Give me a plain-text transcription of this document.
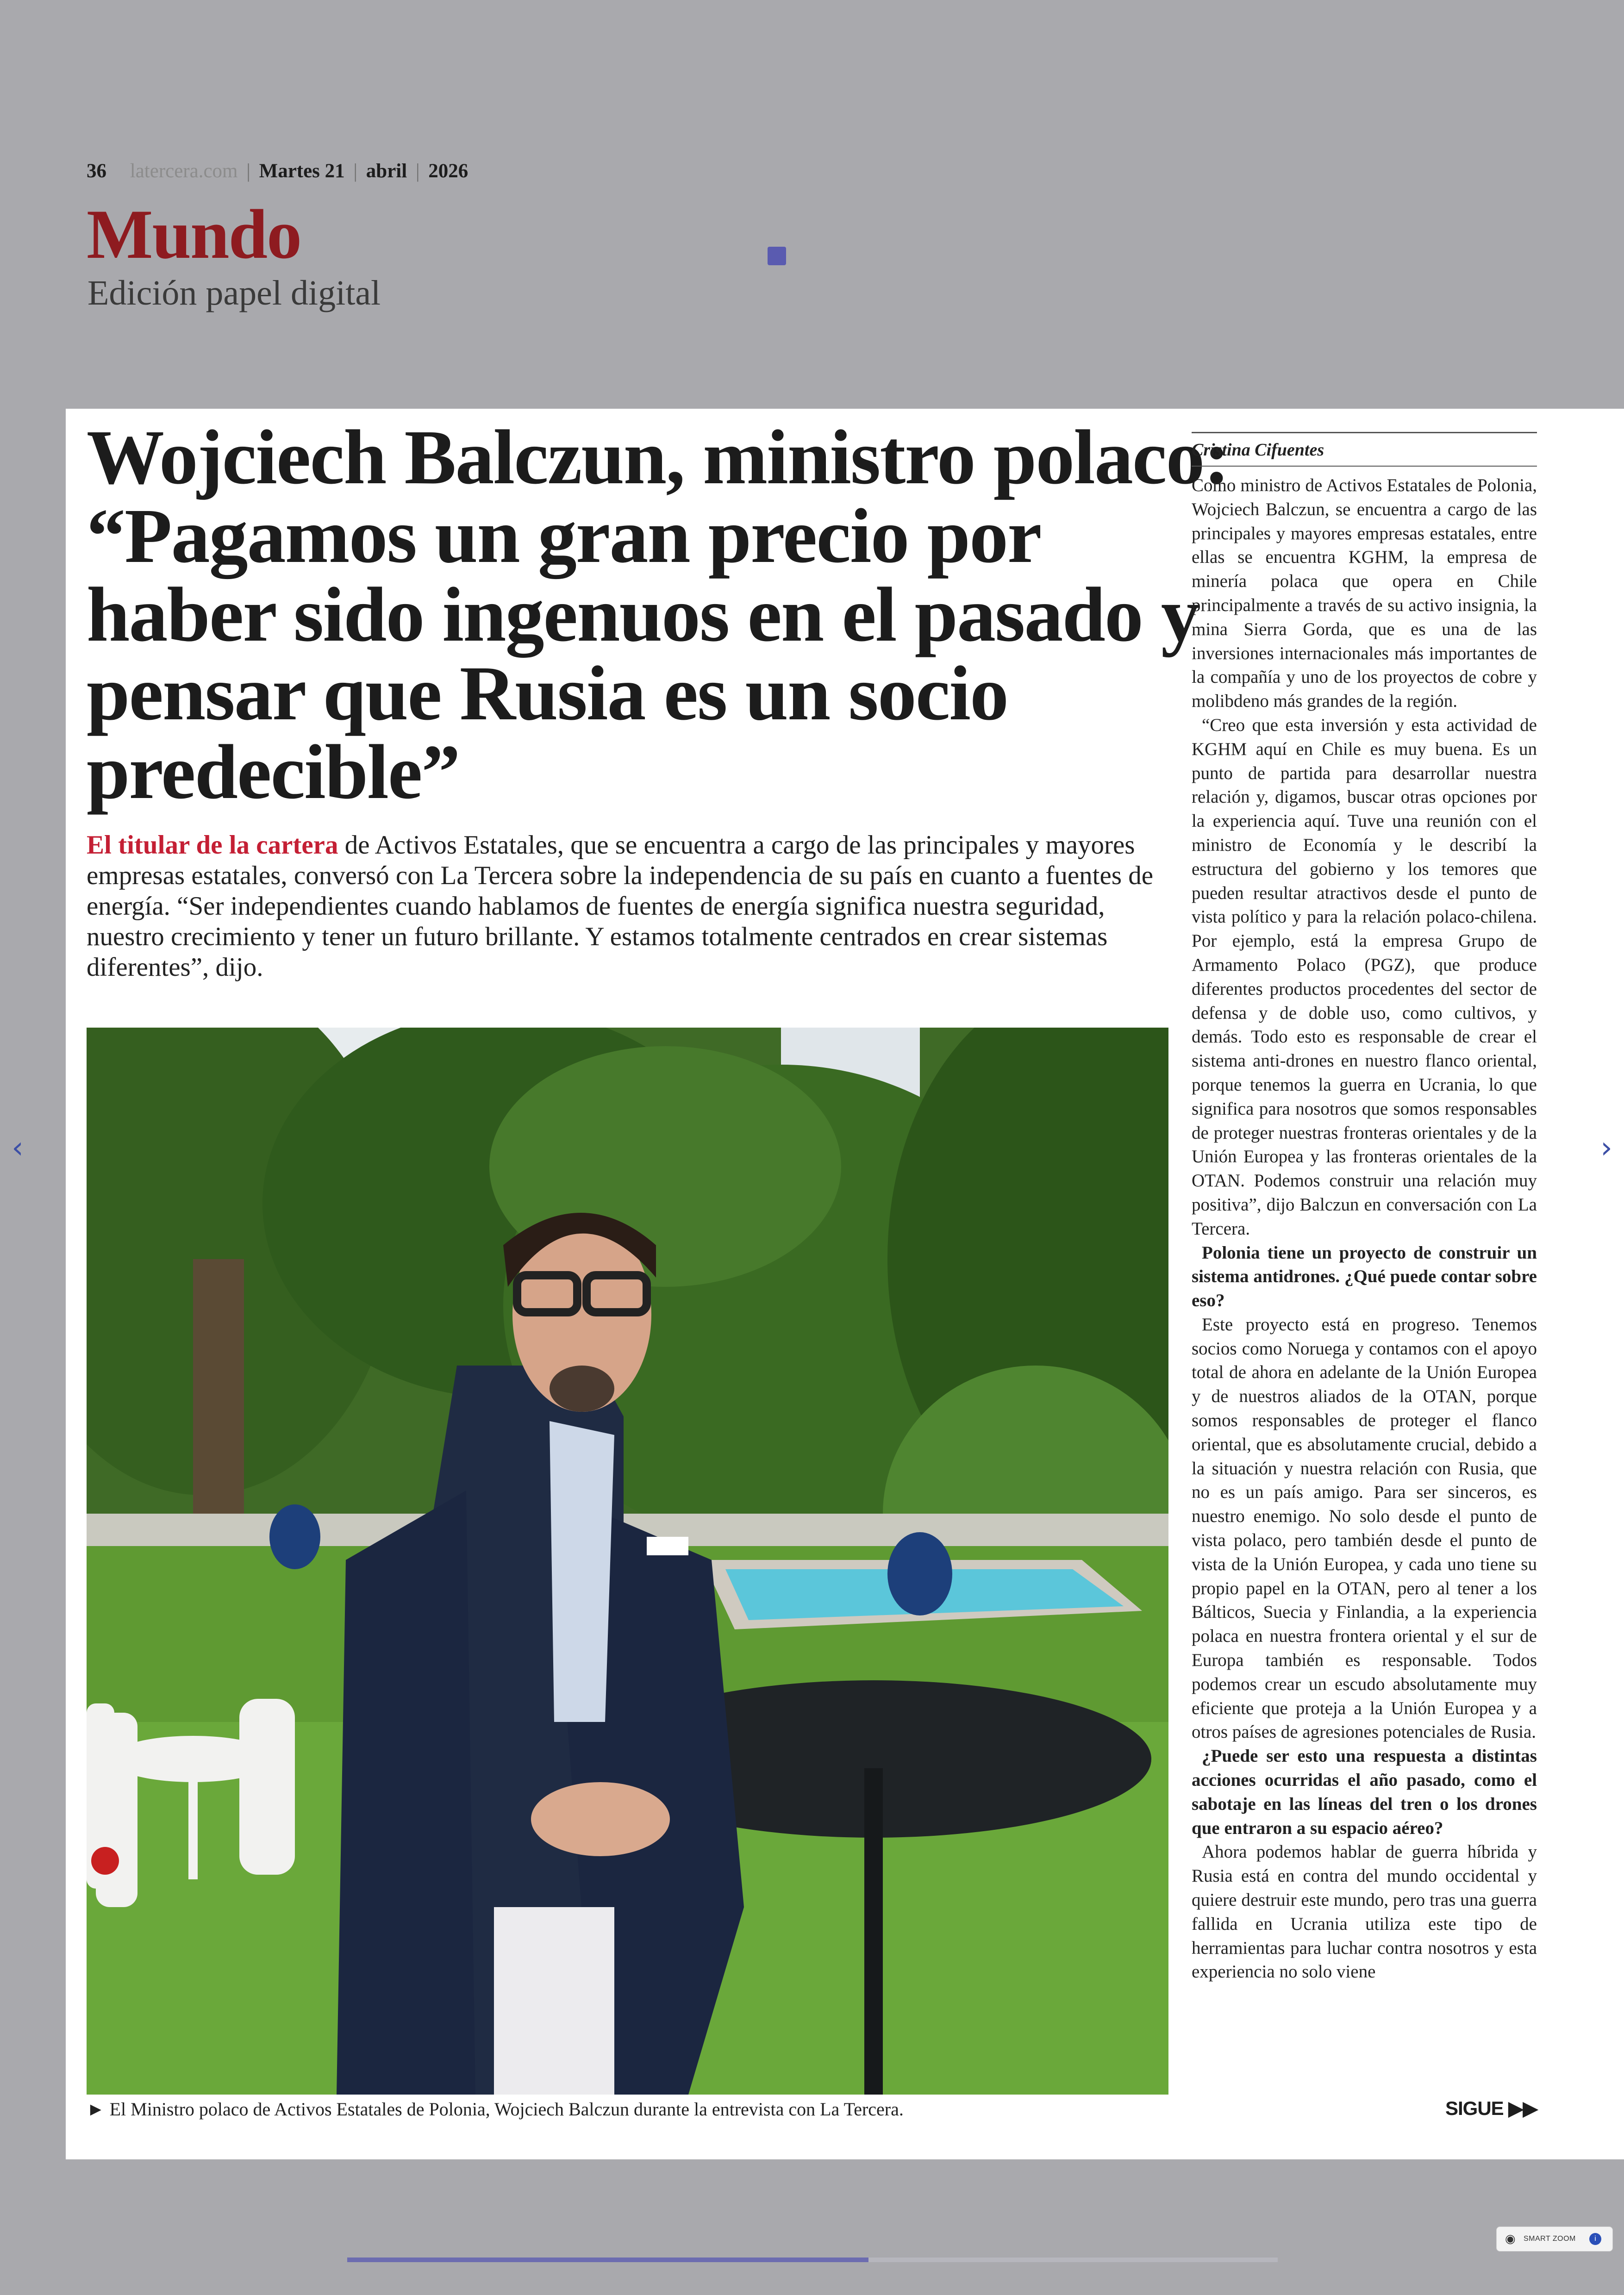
36 latercera.com | Martes 21 | abril | 2026
Mundo
Edición papel digital
Wojciech Balczun, ministro polaco: “Pagamos un gran precio por haber sido ingenuos en el pasado y pensar que Rusia es un socio predecible”

El titular de la cartera de Activos Estatales, que se encuentra a cargo de las principales y mayores empresas estatales, conversó con La Tercera sobre la independencia de su país en cuanto a fuentes de energía. “Ser independientes cuando hablamos de fuentes de energía significa nuestra seguridad, nuestro crecimiento y tener un futuro brillante. Y estamos totalmente centrados en crear sistemas diferentes”, dijo.

► El Ministro polaco de Activos Estatales de Polonia, Wojciech Balczun durante la entrevista con La Tercera.
Cristina Cifuentes

Como ministro de Activos Estatales de Polonia, Wojciech Balczun, se encuentra a cargo de las principales y mayores empresas estatales, entre ellas se encuentra KGHM, la empresa de minería polaca que opera en Chile principalmente a través de su activo insignia, la mina Sierra Gorda, que es una de las inversiones internacionales más importantes de la compañía y uno de los proyectos de cobre y molibdeno más grandes de la región.

“Creo que esta inversión y esta actividad de KGHM aquí en Chile es muy buena. Es un punto de partida para desarrollar nuestra relación y, digamos, buscar otras opciones por la experiencia aquí. Tuve una reunión con el ministro de Economía y le describí la estructura del gobierno y los temores que pueden resultar atractivos desde el punto de vista político y para la relación polaco-chilena. Por ejemplo, está la empresa Grupo de Armamento Polaco (PGZ), que produce diferentes productos procedentes del sector de defensa y de doble uso, como cultivos, y demás. Todo esto es responsable de crear el sistema anti-drones en nuestro flanco oriental, porque tenemos la guerra en Ucrania, lo que significa para nosotros que somos responsables de proteger nuestras fronteras orientales y de la Unión Europea y las fronteras orientales de la OTAN. Podemos construir una relación muy positiva”, dijo Balczun en conversación con La Tercera.

Polonia tiene un proyecto de construir un sistema antidrones. ¿Qué puede contar sobre eso?

Este proyecto está en progreso. Tenemos socios como Noruega y contamos con el apoyo total de ahora en adelante de la Unión Europea y de nuestros aliados de la OTAN, porque somos responsables de proteger el flanco oriental, que es absolutamente crucial, debido a la situación y nuestra relación con Rusia, que no es un país amigo. Para ser sinceros, es nuestro enemigo. No solo desde el punto de vista polaco, pero también desde el punto de vista de la Unión Europea, y cada uno tiene su propio papel en la OTAN, pero al tener a los Bálticos, Suecia y Finlandia, a la experiencia polaca en nuestra frontera oriental y el sur de Europa también es responsable. Todos podemos crear un escudo absolutamente muy eficiente que proteja a la Unión Europea y a otros países de agresiones potenciales de Rusia.

¿Puede ser esto una respuesta a distintas acciones ocurridas el año pasado, como el sabotaje en las líneas del tren o los drones que entraron a su espacio aéreo?

Ahora podemos hablar de guerra híbrida y Rusia está en contra del mundo occidental y quiere destruir este mundo, pero tras una guerra fallida en Ucrania utiliza este tipo de herramientas para luchar contra nosotros y esta experiencia no solo viene

SIGUE ▶▶
‹	›
◉ SMART ZOOM	i
